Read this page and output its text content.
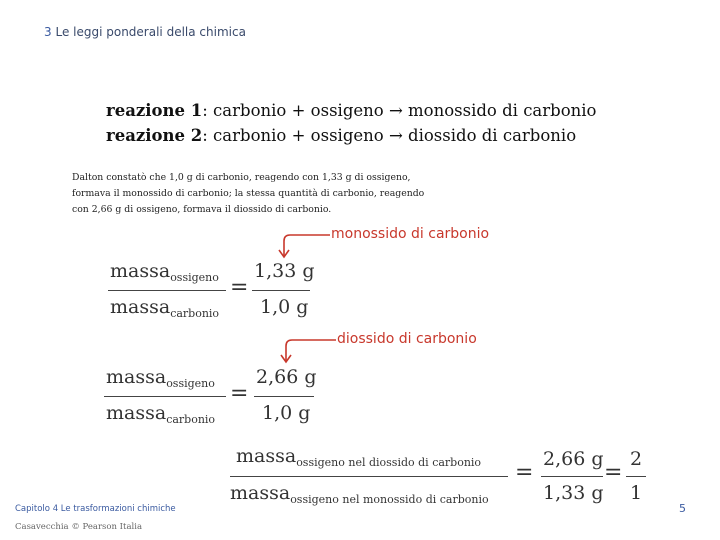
3 Le leggi ponderali della chimica
reazione 1: carbonio + ossigeno → monossido di carbonio
reazione 2: carbonio + ossigeno → diossido di carbonio
Dalton constatò che 1,0 g di carbonio, reagendo con 1,33 g di ossigeno, formava il monossido di carbonio; la stessa quantità di carbonio, reagendo con 2,66 g di ossigeno, formava il diossido di carbonio.
monossido di carbonio
diossido di carbonio
massa$_{ossigeno}$
massa$_{carbonio}$
=
1,33 g
1,0 g
massa$_{ossigeno}$
massa$_{carbonio}$
=
2,66 g
1,0 g
massa$_{ossigeno nel diossido di carbonio}$
massa$_{ossigeno nel monossido di carbonio}$
=
2,66 g
1,33 g
=
2
1
Capitolo 4 Le trasformazioni chimiche	5
Casavecchia © Pearson Italia
